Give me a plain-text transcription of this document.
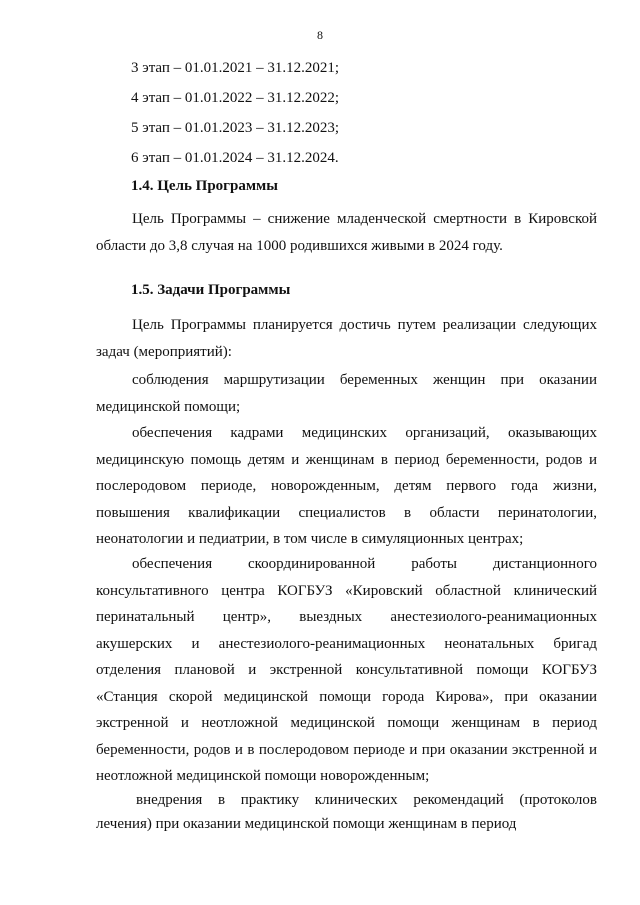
8
3 этап – 01.01.2021 – 31.12.2021;
4 этап – 01.01.2022 – 31.12.2022;
5 этап – 01.01.2023 – 31.12.2023;
6 этап – 01.01.2024 – 31.12.2024.
1.4. Цель Программы

Цель Программы – снижение младенческой смертности в Кировской области до 3,8 случая на 1000 родившихся живыми в 2024 году.

1.5. Задачи Программы

Цель Программы планируется достичь путем реализации следующих задач (мероприятий):

соблюдения маршрутизации беременных женщин при оказании медицинской помощи;

обеспечения кадрами медицинских организаций, оказывающих медицинскую помощь детям и женщинам в период беременности, родов и послеродовом периоде, новорожденным, детям первого года жизни, повышения квалификации специалистов в области перинатологии, неонатологии и педиатрии, в том числе в симуляционных центрах;

обеспечения скоординированной работы дистанционного консультативного центра КОГБУЗ «Кировский областной клинический перинатальный центр», выездных анестезиолого-реанимационных акушерских и анестезиолого-реанимационных неонатальных бригад отделения плановой и экстренной консультативной помощи КОГБУЗ «Станция скорой медицинской помощи города Кирова», при оказании экстренной и неотложной медицинской помощи женщинам в период беременности, родов и в послеродовом периоде и при оказании экстренной и неотложной медицинской помощи новорожденным;

внедрения в практику клинических рекомендаций (протоколов лечения) при оказании медицинской помощи женщинам в период
